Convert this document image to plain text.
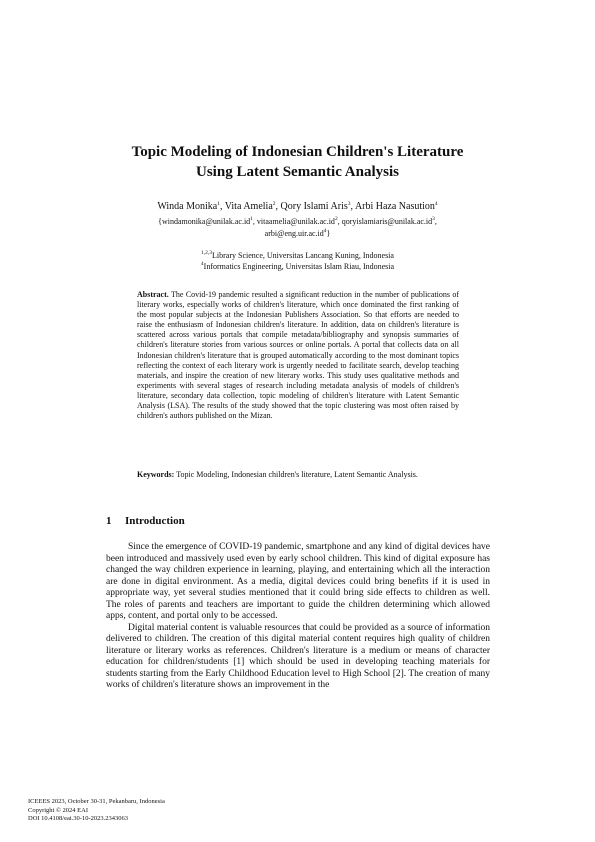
Topic Modeling of Indonesian Children's Literature
Using Latent Semantic Analysis
Winda Monika$^1$, Vita Amelia$^2$, Qory Islami Aris$^3$, Arbi Haza Nasution$^4$
{$windamonika@unilak.ac.id^1$, $vitaamelia@unilak.ac.id^2$, $qoryislamiaris@unilak.ac.id^3$,
$arbi@eng.uir.ac.id^4$}
$^{1,2,3}$Library Science, Universitas Lancang Kuning, Indonesia
$^4$Informatics Engineering, Universitas Islam Riau, Indonesia
Abstract. The Covid-19 pandemic resulted a significant reduction in the number of publications of literary works, especially works of children's literature, which once dominated the first ranking of the most popular subjects at the Indonesian Publishers Association. So that efforts are needed to raise the enthusiasm of Indonesian children's literature. In addition, data on children's literature is scattered across various portals that compile metadata/bibliography and synopsis summaries of children's literature stories from various sources or online portals. A portal that collects data on all Indonesian children's literature that is grouped automatically according to the most dominant topics reflecting the context of each literary work is urgently needed to facilitate search, develop teaching materials, and inspire the creation of new literary works. This study uses qualitative methods and experiments with several stages of research including metadata analysis of models of children's literature, secondary data collection, topic modeling of children's literature with Latent Semantic Analysis (LSA). The results of the study showed that the topic clustering was most often raised by children's authors published on the Mizan.
Keywords: Topic Modeling, Indonesian children's literature, Latent Semantic Analysis.
1 Introduction

Since the emergence of COVID-19 pandemic, smartphone and any kind of digital devices have been introduced and massively used even by early school children. This kind of digital exposure has changed the way children experience in learning, playing, and entertaining which all the interaction are done in digital environment. As a media, digital devices could bring benefits if it is used in appropriate way, yet several studies mentioned that it could bring side effects to children as well. The roles of parents and teachers are important to guide the children determining which allowed apps, content, and portal only to be accessed.

Digital material content is valuable resources that could be provided as a source of information delivered to children. The creation of this digital material content requires high quality of children literature or literary works as references. Children's literature is a medium or means of character education for children/students [1] which should be used in developing teaching materials for students starting from the Early Childhood Education level to High School [2]. The creation of many works of children's literature shows an improvement in the

ICEEES 2023, October 30-31, Pekanbaru, Indonesia
Copyright © 2024 EAI
DOI 10.4108/eai.30-10-2023.2343063
